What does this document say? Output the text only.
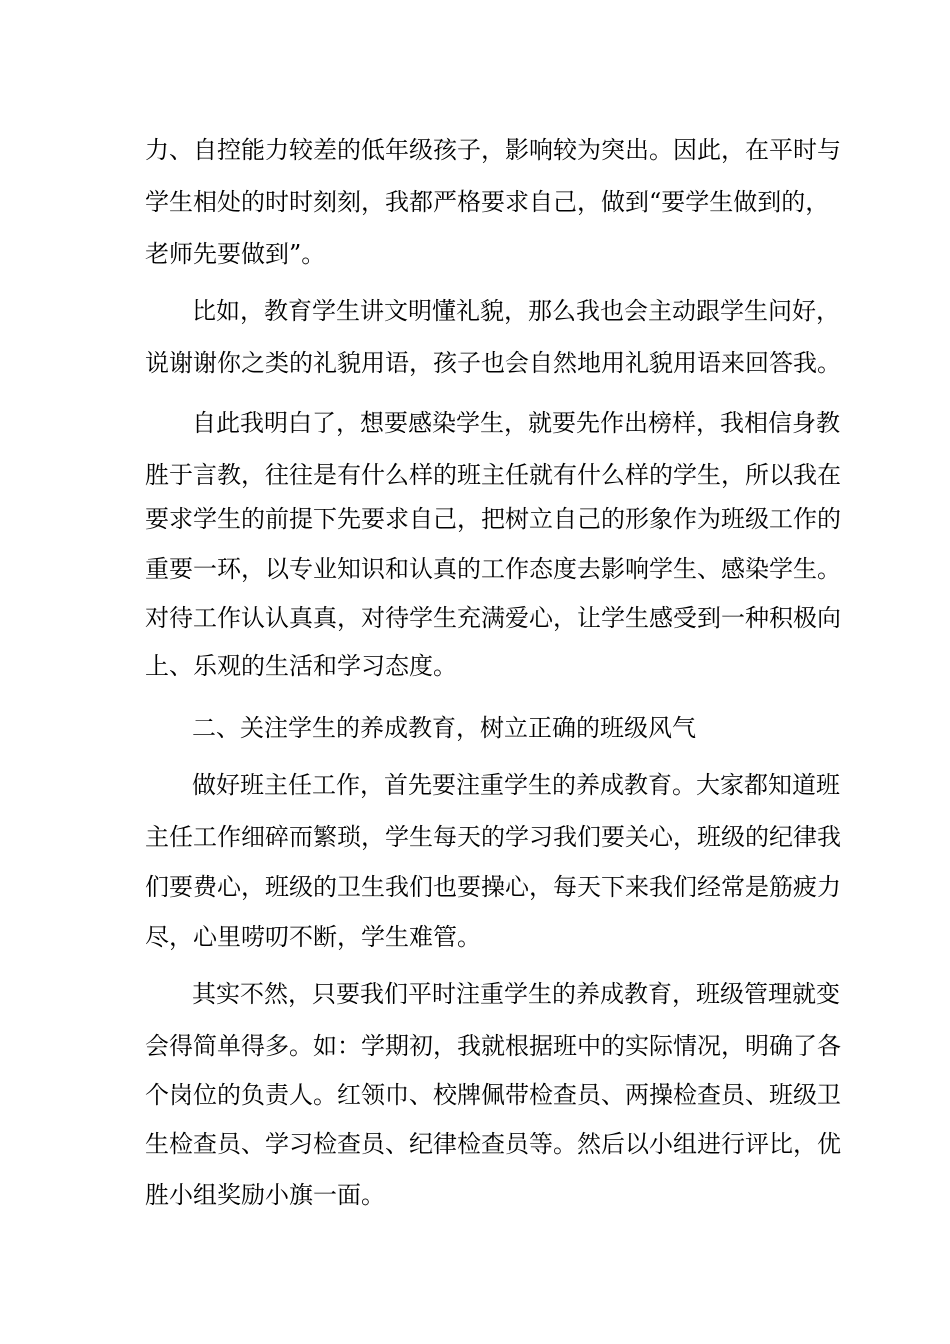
力、自控能力较差的低年级孩子，影响较为突出。因此，在平时与
学生相处的时时刻刻，我都严格要求自己，做到“要学生做到的，
老师先要做到”。
比如，教育学生讲文明懂礼貌，那么我也会主动跟学生问好，
说谢谢你之类的礼貌用语，孩子也会自然地用礼貌用语来回答我。
自此我明白了，想要感染学生，就要先作出榜样，我相信身教
胜于言教，往往是有什么样的班主任就有什么样的学生，所以我在
要求学生的前提下先要求自己，把树立自己的形象作为班级工作的
重要一环，以专业知识和认真的工作态度去影响学生、感染学生。
对待工作认认真真，对待学生充满爱心，让学生感受到一种积极向
上、乐观的生活和学习态度。
二、关注学生的养成教育，树立正确的班级风气
做好班主任工作，首先要注重学生的养成教育。大家都知道班
主任工作细碎而繁琐，学生每天的学习我们要关心，班级的纪律我
们要费心，班级的卫生我们也要操心，每天下来我们经常是筋疲力
尽，心里唠叨不断，学生难管。
其实不然，只要我们平时注重学生的养成教育，班级管理就变
会得简单得多。如：学期初，我就根据班中的实际情况，明确了各
个岗位的负责人。红领巾、校牌佩带检查员、两操检查员、班级卫
生检查员、学习检查员、纪律检查员等。然后以小组进行评比，优
胜小组奖励小旗一面。
